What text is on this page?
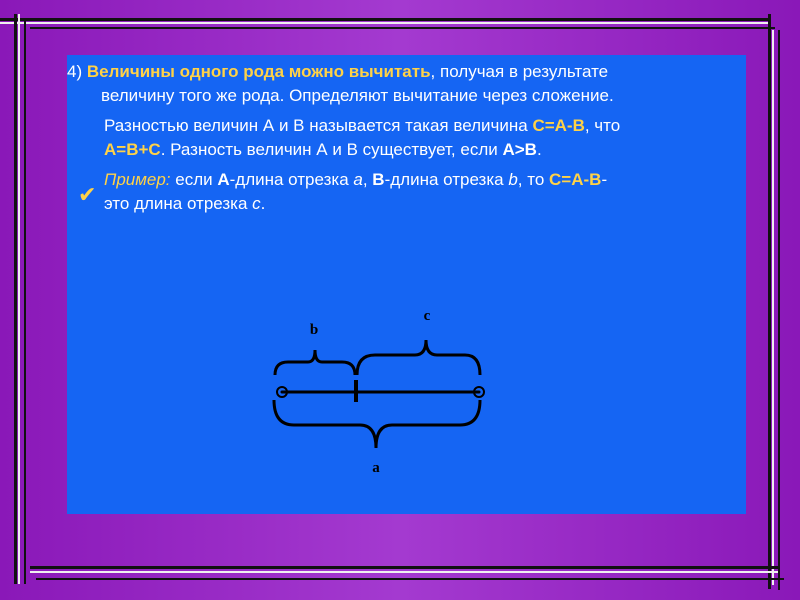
4) Величины одного рода можно вычитать, получая в результате
величину того же рода. Определяют вычитание через сложение.

Разностью величин А и В называется такая величина С=А-В, что
А=В+С. Разность величин А и В существует, если А>В.

Пример: если А-длина отрезка а, В-длина отрезка b, то С=А-В-
это длина отрезка с.

✔
b
c
a
